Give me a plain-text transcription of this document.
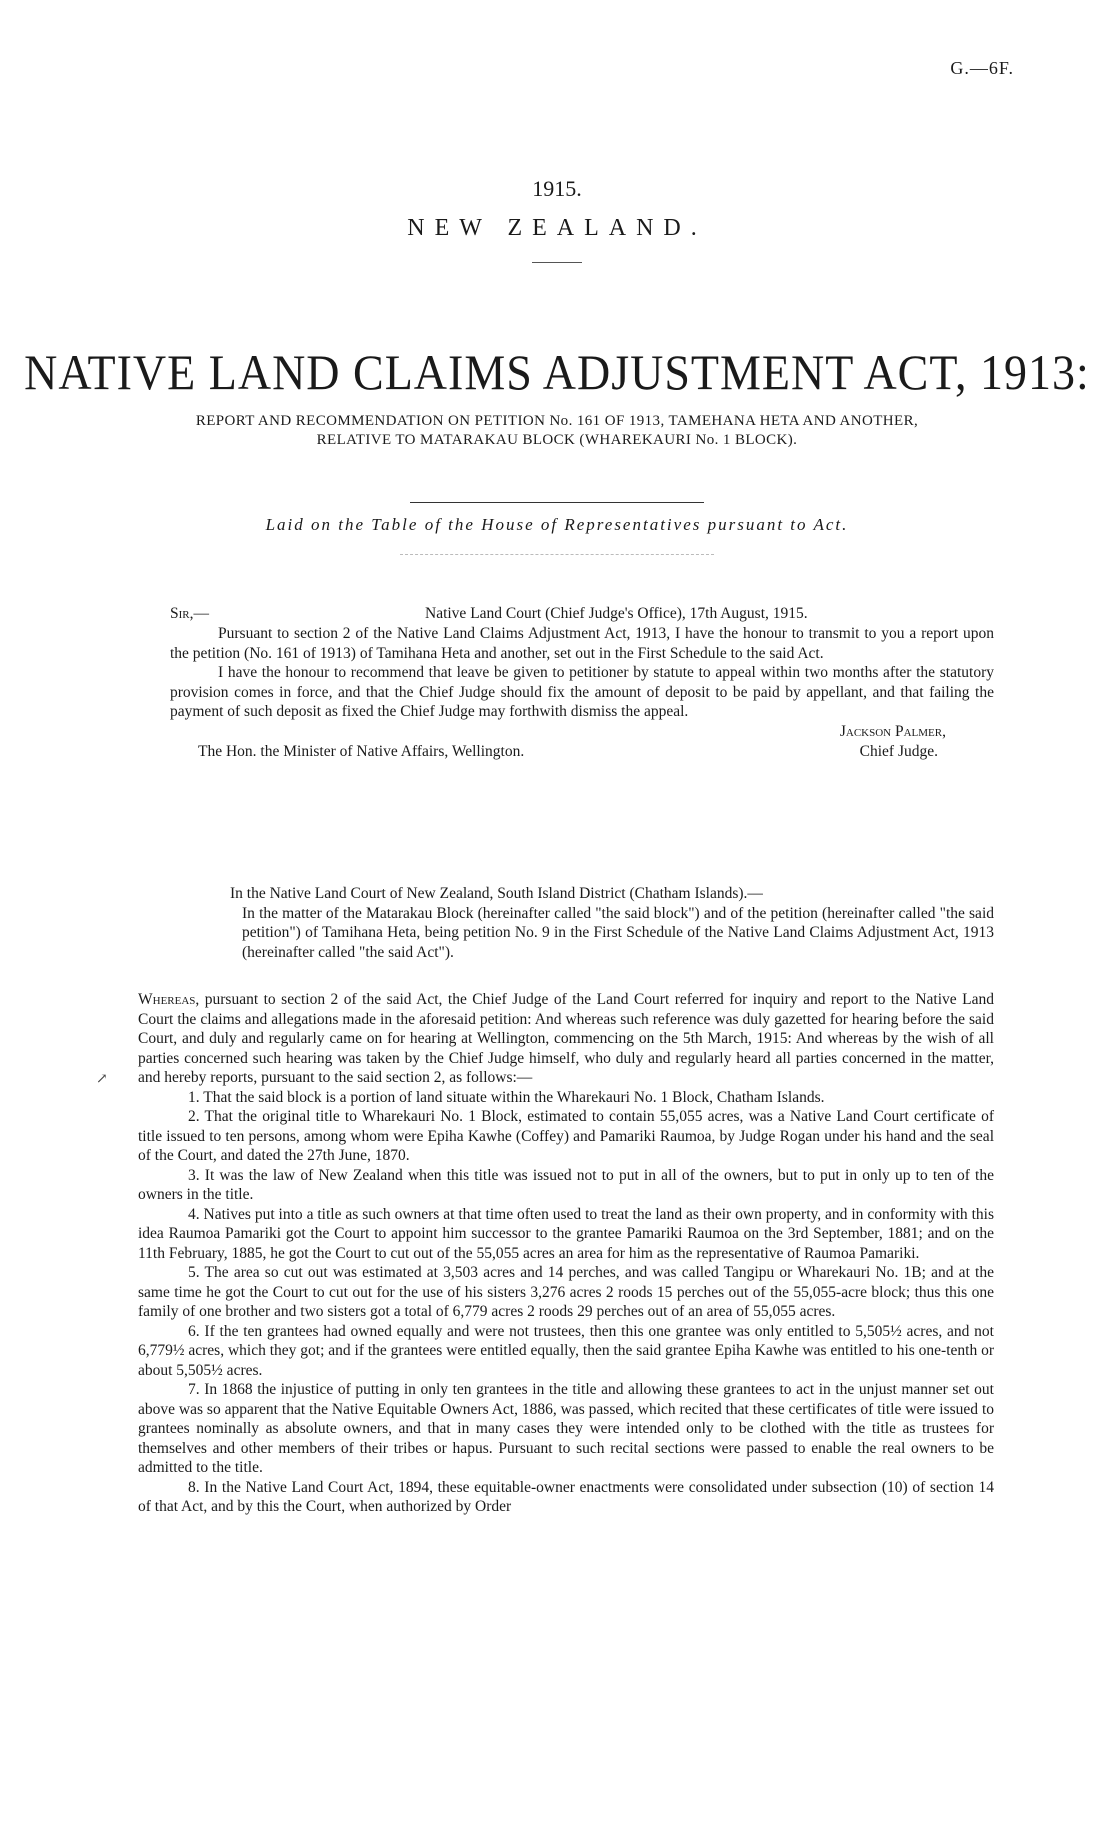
G.—6F.
1915.
NEW ZEALAND.
NATIVE LAND CLAIMS ADJUSTMENT ACT, 1913:
REPORT AND RECOMMENDATION ON PETITION No. 161 OF 1913, TAMEHANA HETA AND ANOTHER, RELATIVE TO MATARAKAU BLOCK (WHAREKAURI No. 1 BLOCK).
Laid on the Table of the House of Representatives pursuant to Act.
Sir,—	Native Land Court (Chief Judge's Office), 17th August, 1915.

Pursuant to section 2 of the Native Land Claims Adjustment Act, 1913, I have the honour to transmit to you a report upon the petition (No. 161 of 1913) of Tamihana Heta and another, set out in the First Schedule to the said Act.

I have the honour to recommend that leave be given to petitioner by statute to appeal within two months after the statutory provision comes in force, and that the Chief Judge should fix the amount of deposit to be paid by appellant, and that failing the payment of such deposit as fixed the Chief Judge may forthwith dismiss the appeal.

Jackson Palmer,
The Hon. the Minister of Native Affairs, Wellington.	Chief Judge.

In the Native Land Court of New Zealand, South Island District (Chatham Islands).—

In the matter of the Matarakau Block (hereinafter called "the said block") and of the petition (hereinafter called "the said petition") of Tamihana Heta, being petition No. 9 in the First Schedule of the Native Land Claims Adjustment Act, 1913 (hereinafter called "the said Act").

↗

Whereas, pursuant to section 2 of the said Act, the Chief Judge of the Land Court referred for inquiry and report to the Native Land Court the claims and allegations made in the aforesaid petition: And whereas such reference was duly gazetted for hearing before the said Court, and duly and regularly came on for hearing at Wellington, commencing on the 5th March, 1915: And whereas by the wish of all parties concerned such hearing was taken by the Chief Judge himself, who duly and regularly heard all parties concerned in the matter, and hereby reports, pursuant to the said section 2, as follows:—

1. That the said block is a portion of land situate within the Wharekauri No. 1 Block, Chatham Islands.

2. That the original title to Wharekauri No. 1 Block, estimated to contain 55,055 acres, was a Native Land Court certificate of title issued to ten persons, among whom were Epiha Kawhe (Coffey) and Pamariki Raumoa, by Judge Rogan under his hand and the seal of the Court, and dated the 27th June, 1870.

3. It was the law of New Zealand when this title was issued not to put in all of the owners, but to put in only up to ten of the owners in the title.

4. Natives put into a title as such owners at that time often used to treat the land as their own property, and in conformity with this idea Raumoa Pamariki got the Court to appoint him successor to the grantee Pamariki Raumoa on the 3rd September, 1881; and on the 11th February, 1885, he got the Court to cut out of the 55,055 acres an area for him as the representative of Raumoa Pamariki.

5. The area so cut out was estimated at 3,503 acres and 14 perches, and was called Tangipu or Wharekauri No. 1B; and at the same time he got the Court to cut out for the use of his sisters 3,276 acres 2 roods 15 perches out of the 55,055-acre block; thus this one family of one brother and two sisters got a total of 6,779 acres 2 roods 29 perches out of an area of 55,055 acres.

6. If the ten grantees had owned equally and were not trustees, then this one grantee was only entitled to 5,505½ acres, and not 6,779½ acres, which they got; and if the grantees were entitled equally, then the said grantee Epiha Kawhe was entitled to his one-tenth or about 5,505½ acres.

7. In 1868 the injustice of putting in only ten grantees in the title and allowing these grantees to act in the unjust manner set out above was so apparent that the Native Equitable Owners Act, 1886, was passed, which recited that these certificates of title were issued to grantees nominally as absolute owners, and that in many cases they were intended only to be clothed with the title as trustees for themselves and other members of their tribes or hapus. Pursuant to such recital sections were passed to enable the real owners to be admitted to the title.

8. In the Native Land Court Act, 1894, these equitable-owner enactments were consolidated under subsection (10) of section 14 of that Act, and by this the Court, when authorized by Order
